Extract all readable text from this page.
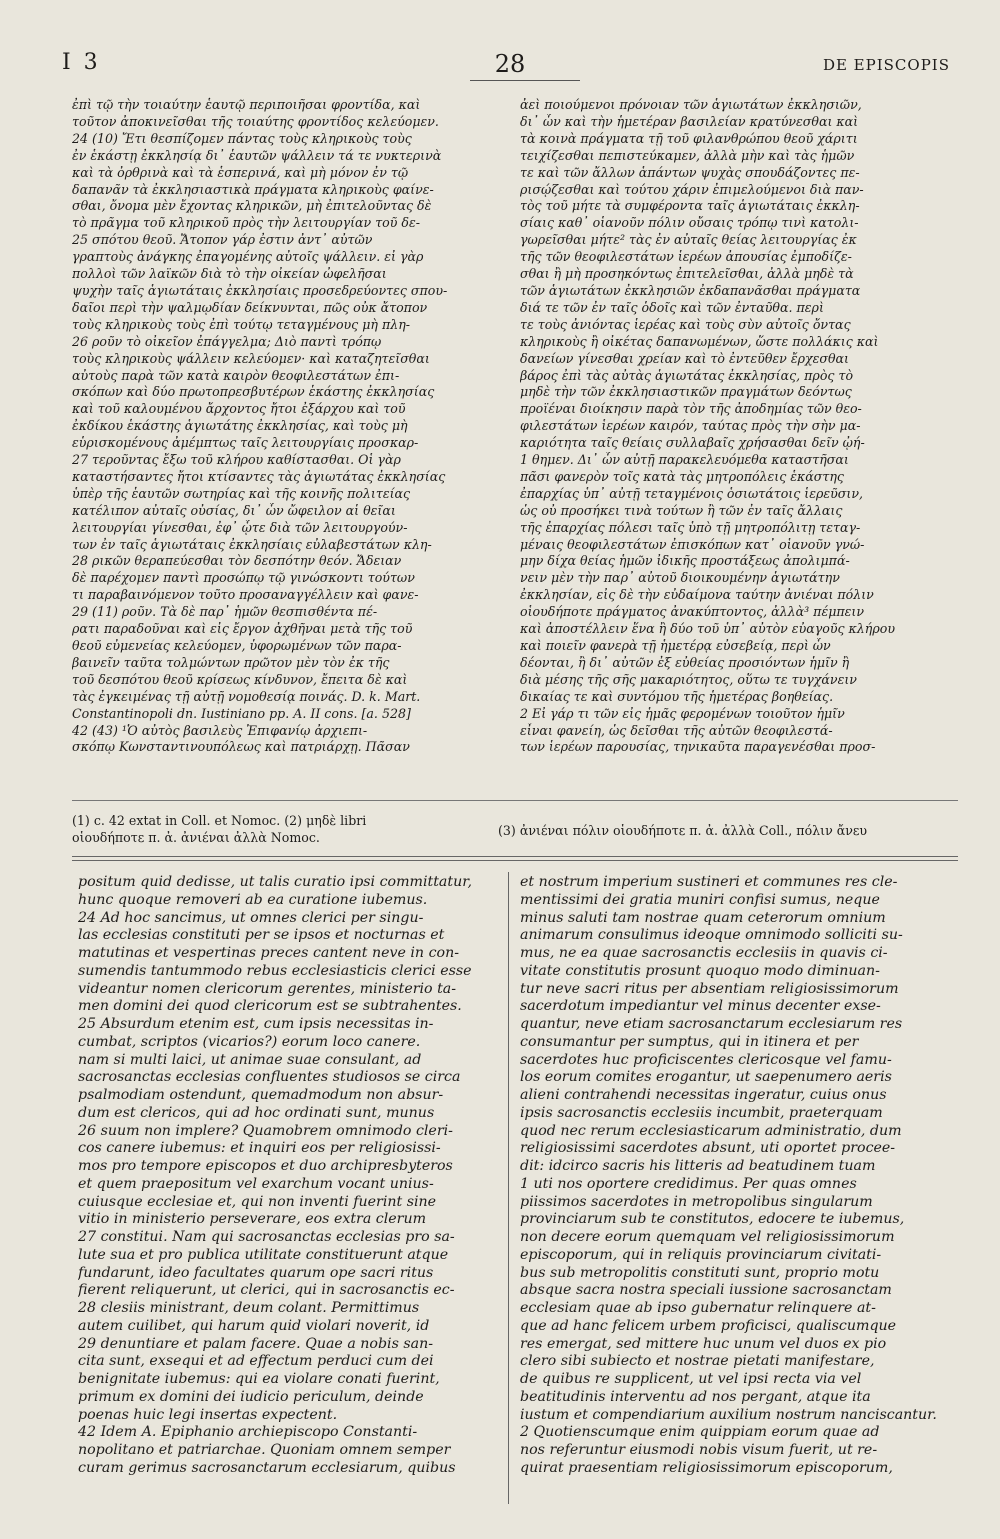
I 3	28	DE EPISCOPIS
ἐπὶ τῷ τὴν τοιαύτην ἑαυτῷ περιποιῆσαι φροντίδα, καὶ
τοῦτον ἀποκινεῖσθαι τῆς τοιαύτης φροντίδος κελεύομεν.
24 (10) Ἔτι θεσπίζομεν πάντας τοὺς κληρικοὺς τοὺς
ἐν ἑκάστῃ ἐκκλησίᾳ δι᾽ ἑαυτῶν ψάλλειν τά τε νυκτερινὰ
καὶ τὰ ὀρθρινὰ καὶ τὰ ἑσπερινά, καὶ μὴ μόνον ἐν τῷ
δαπανᾶν τὰ ἐκκλησιαστικὰ πράγματα κληρικοὺς φαίνε-
σθαι, ὄνομα μὲν ἔχοντας κληρικῶν, μὴ ἐπιτελοῦντας δὲ
τὸ πρᾶγμα τοῦ κληρικοῦ πρὸς τὴν λειτουργίαν τοῦ δε-
25 σπότου θεοῦ. Ἄτοπον γάρ ἐστιν ἀντ᾽ αὐτῶν
γραπτοὺς ἀνάγκης ἐπαγομένης αὐτοῖς ψάλλειν. εἰ γὰρ
πολλοὶ τῶν λαϊκῶν διὰ τὸ τὴν οἰκείαν ὠφελῆσαι
ψυχὴν ταῖς ἁγιωτάταις ἐκκλησίαις προσεδρεύοντες σπου-
δαῖοι περὶ τὴν ψαλμῳδίαν δείκνυνται, πῶς οὐκ ἄτοπον
τοὺς κληρικοὺς τοὺς ἐπὶ τούτῳ τεταγμένους μὴ πλη-
26 ροῦν τὸ οἰκεῖον ἐπάγγελμα; Διὸ παντὶ τρόπῳ
τοὺς κληρικοὺς ψάλλειν κελεύομεν· καὶ καταζητεῖσθαι
αὐτοὺς παρὰ τῶν κατὰ καιρὸν θεοφιλεστάτων ἐπι-
σκόπων καὶ δύο πρωτοπρεσβυτέρων ἑκάστης ἐκκλησίας
καὶ τοῦ καλουμένου ἄρχοντος ἤτοι ἐξάρχου καὶ τοῦ
ἐκδίκου ἑκάστης ἁγιωτάτης ἐκκλησίας, καὶ τοὺς μὴ
εὑρισκομένους ἀμέμπτως ταῖς λειτουργίαις προσκαρ-
27 τεροῦντας ἔξω τοῦ κλήρου καθίστασθαι. Οἱ γὰρ
καταστήσαντες ἤτοι κτίσαντες τὰς ἁγιωτάτας ἐκκλησίας
ὑπὲρ τῆς ἑαυτῶν σωτηρίας καὶ τῆς κοινῆς πολιτείας
κατέλιπον αὐταῖς οὐσίας, δι᾽ ὧν ὤφειλον αἱ θεῖαι
λειτουργίαι γίνεσθαι, ἐφ᾽ ᾧτε διὰ τῶν λειτουργούν-
των ἐν ταῖς ἁγιωτάταις ἐκκλησίαις εὐλαβεστάτων κλη-
28 ρικῶν θεραπεύεσθαι τὸν δεσπότην θεόν. Ἄδειαν
δὲ παρέχομεν παντὶ προσώπῳ τῷ γινώσκοντι τούτων
τι παραβαινόμενον τοῦτο προσαναγγέλλειν καὶ φανε-
29 (11) ροῦν. Τὰ δὲ παρ᾽ ἡμῶν θεσπισθέντα πέ-
ρατι παραδοῦναι καὶ εἰς ἔργον ἀχθῆναι μετὰ τῆς τοῦ
θεοῦ εὐμενείας κελεύομεν, ὑφορωμένων τῶν παρα-
βαινεῖν ταῦτα τολμώντων πρῶτον μὲν τὸν ἐκ τῆς
τοῦ δεσπότου θεοῦ κρίσεως κίνδυνον, ἔπειτα δὲ καὶ
τὰς ἐγκειμένας τῇ αὐτῇ νομοθεσίᾳ ποινάς. D. k. Mart.
Constantinopoli dn. Iustiniano pp. A. II cons. [a. 528]
42 (43) ¹Ὁ αὐτὸς βασιλεὺς Ἐπιφανίῳ ἀρχιεπι-
σκόπῳ Κωνσταντινουπόλεως καὶ πατριάρχῃ. Πᾶσαν
ἀεὶ ποιούμενοι πρόνοιαν τῶν ἁγιωτάτων ἐκκλησιῶν,
δι᾽ ὧν καὶ τὴν ἡμετέραν βασιλείαν κρατύνεσθαι καὶ
τὰ κοινὰ πράγματα τῇ τοῦ φιλανθρώπου θεοῦ χάριτι
τειχίζεσθαι πεπιστεύκαμεν, ἀλλὰ μὴν καὶ τὰς ἡμῶν
τε καὶ τῶν ἄλλων ἁπάντων ψυχὰς σπουδάζοντες πε-
ρισῴζεσθαι καὶ τούτου χάριν ἐπιμελούμενοι διὰ παν-
τὸς τοῦ μήτε τὰ συμφέροντα ταῖς ἁγιωτάταις ἐκκλη-
σίαις καθ᾽ οἱανοῦν πόλιν οὔσαις τρόπῳ τινὶ κατολι-
γωρεῖσθαι μήτε² τὰς ἐν αὐταῖς θείας λειτουργίας ἐκ
τῆς τῶν θεοφιλεστάτων ἱερέων ἀπουσίας ἐμποδίζε-
σθαι ἢ μὴ προσηκόντως ἐπιτελεῖσθαι, ἀλλὰ μηδὲ τὰ
τῶν ἁγιωτάτων ἐκκλησιῶν ἐκδαπανᾶσθαι πράγματα
διά τε τῶν ἐν ταῖς ὁδοῖς καὶ τῶν ἐνταῦθα. περὶ
τε τοὺς ἀνιόντας ἱερέας καὶ τοὺς σὺν αὐτοῖς ὄντας
κληρικοὺς ἢ οἰκέτας δαπανωμένων, ὥστε πολλάκις καὶ
δανείων γίνεσθαι χρείαν καὶ τὸ ἐντεῦθεν ἔρχεσθαι
βάρος ἐπὶ τὰς αὐτὰς ἁγιωτάτας ἐκκλησίας, πρὸς τὸ
μηδὲ τὴν τῶν ἐκκλησιαστικῶν πραγμάτων δεόντως
προϊέναι διοίκησιν παρὰ τὸν τῆς ἀποδημίας τῶν θεο-
φιλεστάτων ἱερέων καιρόν, ταύτας πρὸς τὴν σὴν μα-
καριότητα ταῖς θείαις συλλαβαῖς χρήσασθαι δεῖν ᾠή-
1 θημεν. Δι᾽ ὧν αὐτῇ παρακελευόμεθα καταστῆσαι
πᾶσι φανερὸν τοῖς κατὰ τὰς μητροπόλεις ἑκάστης
ἐπαρχίας ὑπ᾽ αὐτῇ τεταγμένοις ὁσιωτάτοις ἱερεῦσιν,
ὡς οὐ προσήκει τινὰ τούτων ἢ τῶν ἐν ταῖς ἄλλαις
τῆς ἐπαρχίας πόλεσι ταῖς ὑπὸ τῇ μητροπόλιτῃ τεταγ-
μέναις θεοφιλεστάτων ἐπισκόπων κατ᾽ οἱανοῦν γνώ-
μην δίχα θείας ἡμῶν ἰδικῆς προστάξεως ἀπολιμπά-
νειν μὲν τὴν παρ᾽ αὐτοῦ διοικουμένην ἁγιωτάτην
ἐκκλησίαν, εἰς δὲ τὴν εὐδαίμονα ταύτην ἀνιέναι πόλιν
οἱουδήποτε πράγματος ἀνακύπτοντος, ἀλλὰ³ πέμπειν
καὶ ἀποστέλλειν ἕνα ἢ δύο τοῦ ὑπ᾽ αὐτὸν εὐαγοῦς κλήρου
καὶ ποιεῖν φανερὰ τῇ ἡμετέρᾳ εὐσεβείᾳ, περὶ ὧν
δέονται, ἢ δι᾽ αὐτῶν ἐξ εὐθείας προσιόντων ἡμῖν ἢ
διὰ μέσης τῆς σῆς μακαριότητος, οὕτω τε τυγχάνειν
δικαίας τε καὶ συντόμου τῆς ἡμετέρας βοηθείας.
2 Εἰ γάρ τι τῶν εἰς ἡμᾶς φερομένων τοιοῦτον ἡμῖν
εἶναι φανείη, ὡς δεῖσθαι τῆς αὐτῶν θεοφιλεστά-
των ἱερέων παρουσίας, τηνικαῦτα παραγενέσθαι προσ-
(1) c. 42 extat in Coll. et Nomoc. (2) μηδὲ libri
οἱουδήποτε π. ἀ. ἀνιέναι ἀλλὰ Nomoc.	(3) ἀνιέναι πόλιν οἱουδήποτε π. ἀ. ἀλλὰ Coll., πόλιν ἄνευ
positum quid dedisse, ut talis curatio ipsi committatur,
hunc quoque removeri ab ea curatione iubemus.
24 Ad hoc sancimus, ut omnes clerici per singu-
las ecclesias constituti per se ipsos et nocturnas et
matutinas et vespertinas preces cantent neve in con-
sumendis tantummodo rebus ecclesiasticis clerici esse
videantur nomen clericorum gerentes, ministerio ta-
men domini dei quod clericorum est se subtrahentes.
25 Absurdum etenim est, cum ipsis necessitas in-
cumbat, scriptos (vicarios?) eorum loco canere.
nam si multi laici, ut animae suae consulant, ad
sacrosanctas ecclesias confluentes studiosos se circa
psalmodiam ostendunt, quemadmodum non absur-
dum est clericos, qui ad hoc ordinati sunt, munus
26 suum non implere? Quamobrem omnimodo cleri-
cos canere iubemus: et inquiri eos per religiosissi-
mos pro tempore episcopos et duo archipresbyteros
et quem praepositum vel exarchum vocant unius-
cuiusque ecclesiae et, qui non inventi fuerint sine
vitio in ministerio perseverare, eos extra clerum
27 constitui. Nam qui sacrosanctas ecclesias pro sa-
lute sua et pro publica utilitate constituerunt atque
fundarunt, ideo facultates quarum ope sacri ritus
fierent reliquerunt, ut clerici, qui in sacrosanctis ec-
28 clesiis ministrant, deum colant. Permittimus
autem cuilibet, qui harum quid violari noverit, id
29 denuntiare et palam facere. Quae a nobis san-
cita sunt, exsequi et ad effectum perduci cum dei
benignitate iubemus: qui ea violare conati fuerint,
primum ex domini dei iudicio periculum, deinde
poenas huic legi insertas expectent.
42 Idem A. Epiphanio archiepiscopo Constanti-
nopolitano et patriarchae. Quoniam omnem semper
curam gerimus sacrosanctarum ecclesiarum, quibus
et nostrum imperium sustineri et communes res cle-
mentissimi dei gratia muniri confisi sumus, neque
minus saluti tam nostrae quam ceterorum omnium
animarum consulimus ideoque omnimodo solliciti su-
mus, ne ea quae sacrosanctis ecclesiis in quavis ci-
vitate constitutis prosunt quoquo modo diminuan-
tur neve sacri ritus per absentiam religiosissimorum
sacerdotum impediantur vel minus decenter exse-
quantur, neve etiam sacrosanctarum ecclesiarum res
consumantur per sumptus, qui in itinera et per
sacerdotes huc proficiscentes clericosque vel famu-
los eorum comites erogantur, ut saepenumero aeris
alieni contrahendi necessitas ingeratur, cuius onus
ipsis sacrosanctis ecclesiis incumbit, praeterquam
quod nec rerum ecclesiasticarum administratio, dum
religiosissimi sacerdotes absunt, uti oportet procee-
dit: idcirco sacris his litteris ad beatudinem tuam
1 uti nos oportere credidimus. Per quas omnes
piissimos sacerdotes in metropolibus singularum
provinciarum sub te constitutos, edocere te iubemus,
non decere eorum quemquam vel religiosissimorum
episcoporum, qui in reliquis provinciarum civitati-
bus sub metropolitis constituti sunt, proprio motu
absque sacra nostra speciali iussione sacrosanctam
ecclesiam quae ab ipso gubernatur relinquere at-
que ad hanc felicem urbem proficisci, qualiscumque
res emergat, sed mittere huc unum vel duos ex pio
clero sibi subiecto et nostrae pietati manifestare,
de quibus re supplicent, ut vel ipsi recta via vel
beatitudinis interventu ad nos pergant, atque ita
iustum et compendiarium auxilium nostrum nanciscantur.
2 Quotienscumque enim quippiam eorum quae ad
nos referuntur eiusmodi nobis visum fuerit, ut re-
quirat praesentiam religiosissimorum episcoporum,
